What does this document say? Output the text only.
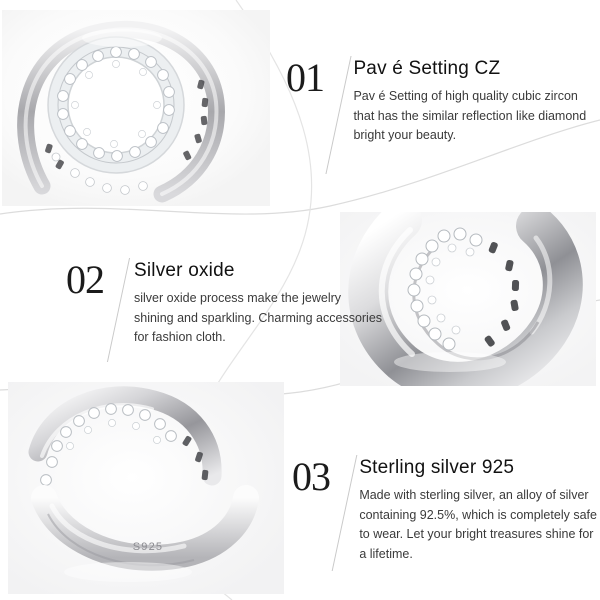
S925
01	Pav é Setting CZ
Pav é Setting of high quality cubic zircon that has the similar reflection like diamond bright your beauty.
02	Silver oxide
silver oxide process make the jewelry shining and sparkling. Charming accessories for fashion cloth.
03	Sterling silver 925
Made with sterling silver, an alloy of silver containing 92.5%, which is completely safe to wear. Let your bright treasures shine for a lifetime.
